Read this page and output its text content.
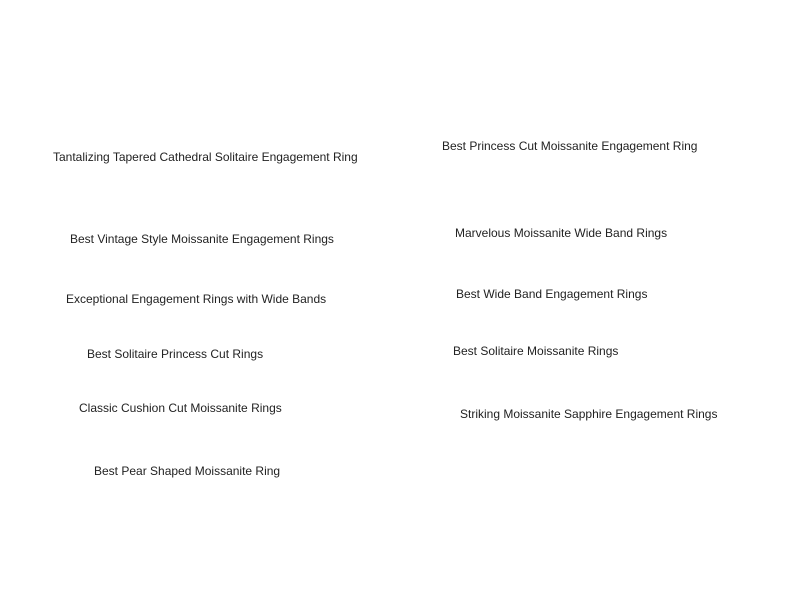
Tantalizing Tapered Cathedral Solitaire Engagement Ring
Best Vintage Style Moissanite Engagement Rings
Exceptional Engagement Rings with Wide Bands
Best Solitaire Princess Cut Rings
Classic Cushion Cut Moissanite Rings
Best Pear Shaped Moissanite Ring
Best Princess Cut Moissanite Engagement Ring
Marvelous Moissanite Wide Band Rings
Best Wide Band Engagement Rings
Best Solitaire Moissanite Rings
Striking Moissanite Sapphire Engagement Rings
